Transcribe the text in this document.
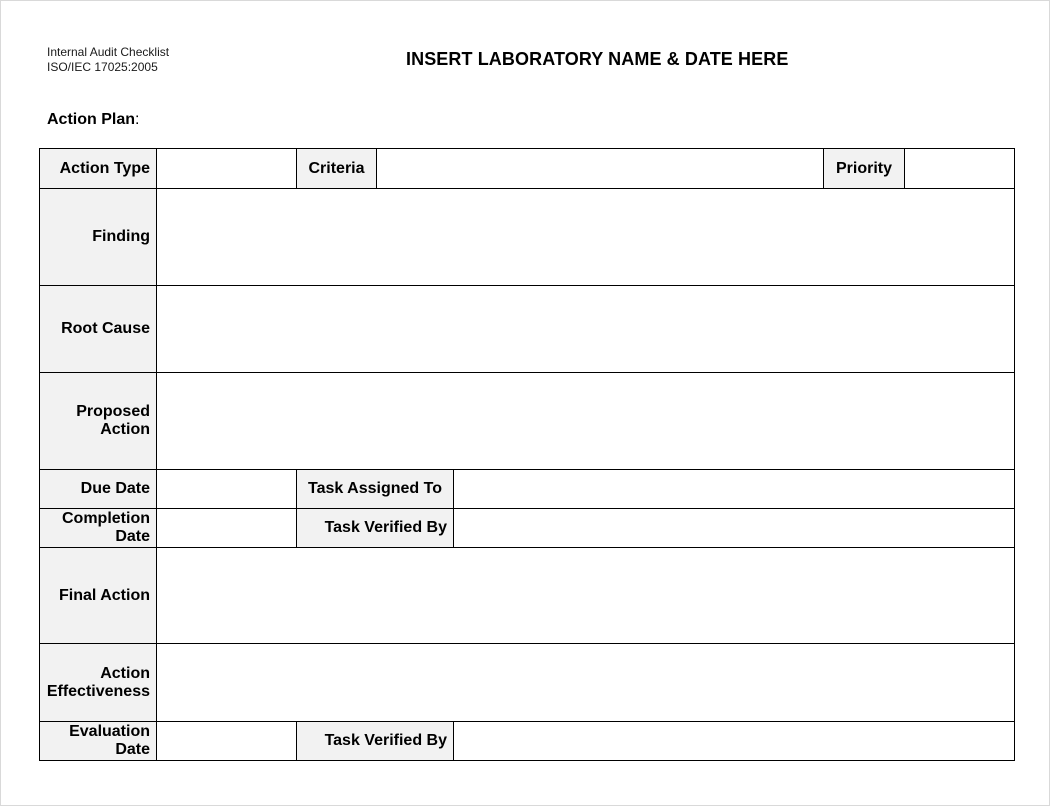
Internal Audit Checklist
ISO/IEC 17025:2005	INSERT LABORATORY NAME & DATE HERE
Action Plan:
Action Type		Criteria			Priority	
Finding						
Root Cause						
Proposed
Action						
Due Date		Task Assigned To				
Completion
Date		Task Verified By				
Final Action						
Action
Effectiveness						
Evaluation
Date		Task Verified By				
